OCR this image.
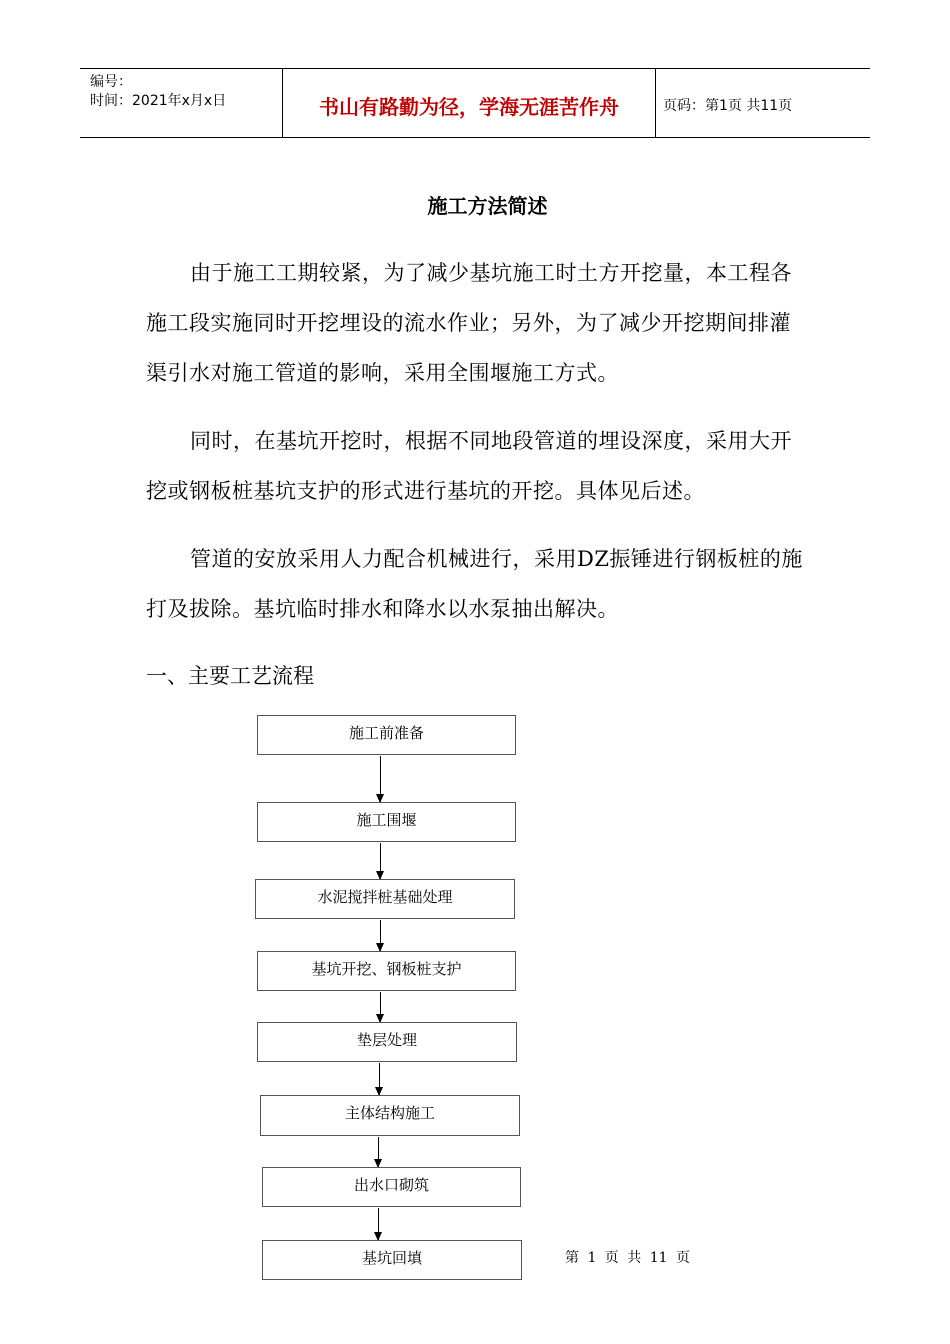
编号：
时间：2021年x月x日	书山有路勤为径，学海无涯苦作舟	页码：第1页 共11页
施工方法简述

由于施工工期较紧，为了减少基坑施工时土方开挖量，本工程各施工段实施同时开挖埋设的流水作业；另外，为了减少开挖期间排灌渠引水对施工管道的影响，采用全围堰施工方式。

同时，在基坑开挖时，根据不同地段管道的埋设深度，采用大开挖或钢板桩基坑支护的形式进行基坑的开挖。具体见后述。

管道的安放采用人力配合机械进行，采用DZ振锤进行钢板桩的施打及拔除。基坑临时排水和降水以水泵抽出解决。

一、主要工艺流程
施工前准备
施工围堰
水泥搅拌桩基础处理
基坑开挖、钢板桩支护
垫层处理
主体结构施工
出水口砌筑
基坑回填	第 1 页 共 11 页
